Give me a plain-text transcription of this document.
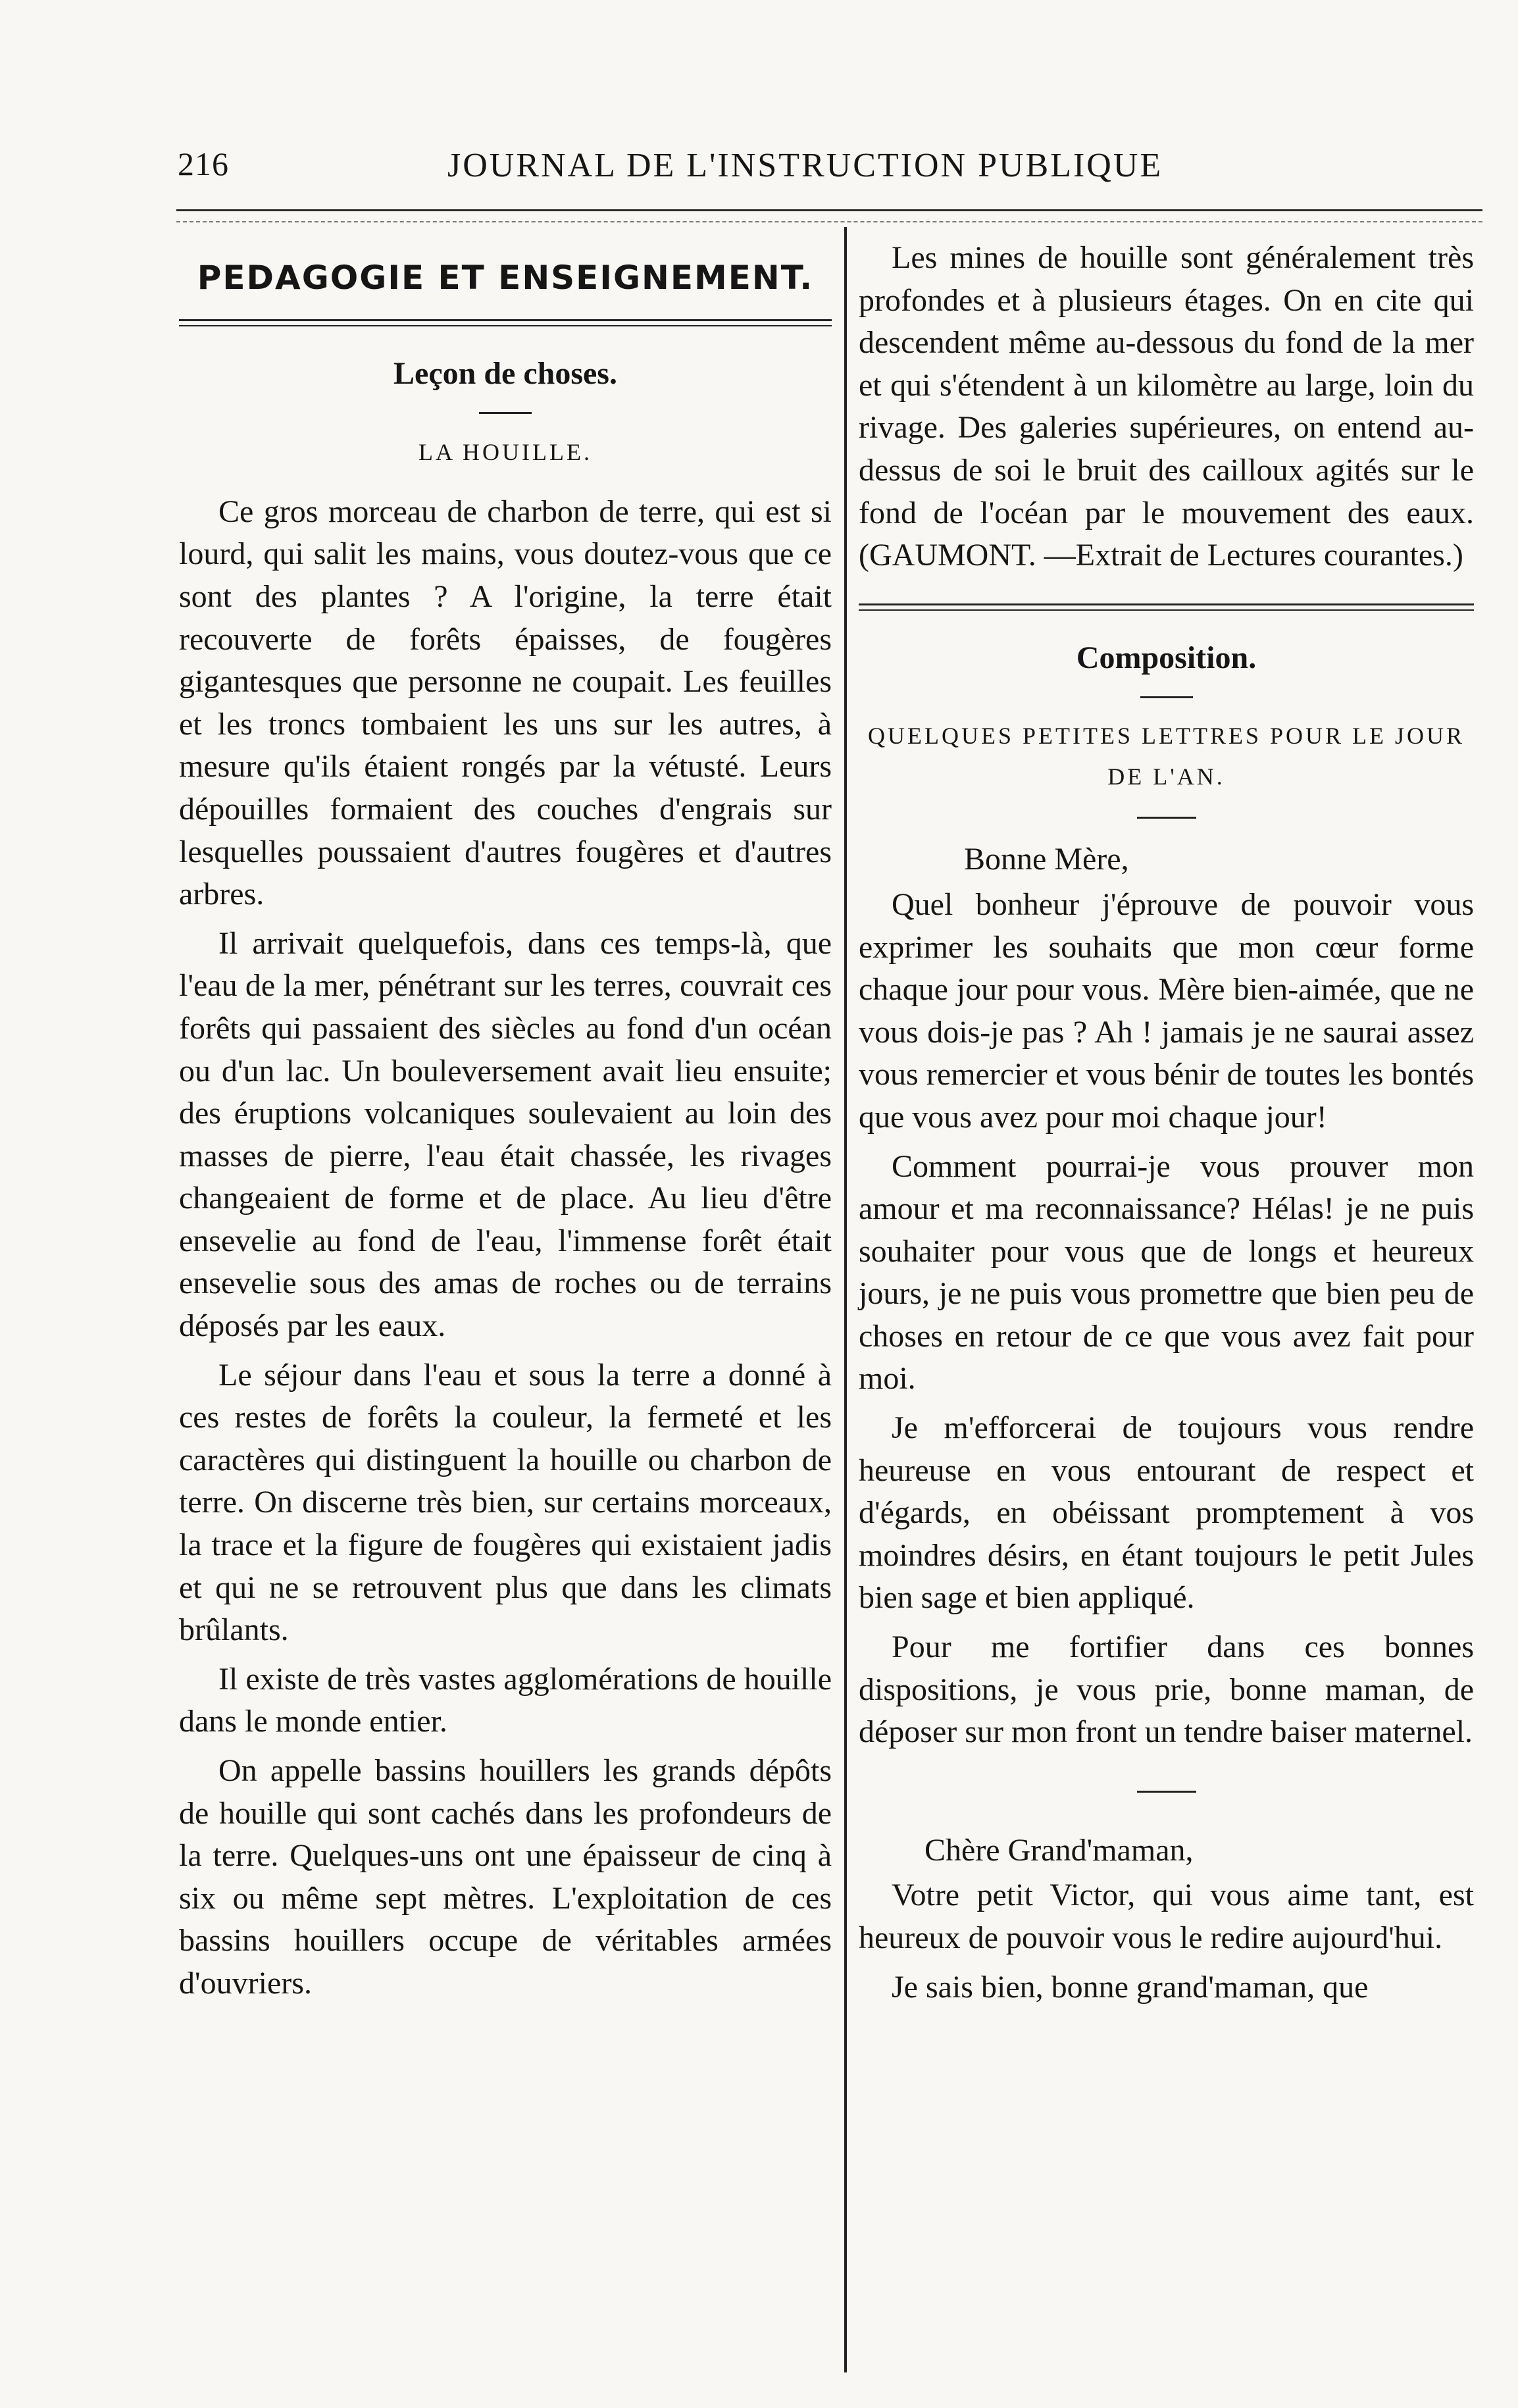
216	JOURNAL DE L'INSTRUCTION PUBLIQUE
PEDAGOGIE ET ENSEIGNEMENT.
Leçon de choses.
LA HOUILLE.

Ce gros morceau de charbon de terre, qui est si lourd, qui salit les mains, vous doutez-vous que ce sont des plantes ? A l'origine, la terre était recouverte de forêts épaisses, de fougères gigantesques que personne ne coupait. Les feuilles et les troncs tombaient les uns sur les autres, à mesure qu'ils étaient rongés par la vétusté. Leurs dépouilles formaient des couches d'engrais sur lesquelles poussaient d'autres fougères et d'autres arbres.

Il arrivait quelquefois, dans ces temps-là, que l'eau de la mer, pénétrant sur les terres, couvrait ces forêts qui passaient des siècles au fond d'un océan ou d'un lac. Un bouleversement avait lieu ensuite; des éruptions volcaniques soulevaient au loin des masses de pierre, l'eau était chassée, les rivages changeaient de forme et de place. Au lieu d'être ensevelie au fond de l'eau, l'immense forêt était ensevelie sous des amas de roches ou de terrains déposés par les eaux.

Le séjour dans l'eau et sous la terre a donné à ces restes de forêts la couleur, la fermeté et les caractères qui distinguent la houille ou charbon de terre. On discerne très bien, sur certains morceaux, la trace et la figure de fougères qui existaient jadis et qui ne se retrouvent plus que dans les climats brûlants.

Il existe de très vastes agglomérations de houille dans le monde entier.

On appelle bassins houillers les grands dépôts de houille qui sont cachés dans les profondeurs de la terre. Quelques-uns ont une épaisseur de cinq à six ou même sept mètres. L'exploitation de ces bassins houillers occupe de véritables armées d'ouvriers.

Les mines de houille sont généralement très profondes et à plusieurs étages. On en cite qui descendent même au-dessous du fond de la mer et qui s'étendent à un kilomètre au large, loin du rivage. Des galeries supérieures, on entend au-dessus de soi le bruit des cailloux agités sur le fond de l'océan par le mouvement des eaux. (GAUMONT. —Extrait de Lectures courantes.)

Composition.
QUELQUES PETITES LETTRES POUR LE JOUR DE L'AN.
Bonne Mère,

Quel bonheur j'éprouve de pouvoir vous exprimer les souhaits que mon cœur forme chaque jour pour vous. Mère bien-aimée, que ne vous dois-je pas ? Ah ! jamais je ne saurai assez vous remercier et vous bénir de toutes les bontés que vous avez pour moi chaque jour!

Comment pourrai-je vous prouver mon amour et ma reconnaissance? Hélas! je ne puis souhaiter pour vous que de longs et heureux jours, je ne puis vous promettre que bien peu de choses en retour de ce que vous avez fait pour moi.

Je m'efforcerai de toujours vous rendre heureuse en vous entourant de respect et d'égards, en obéissant promptement à vos moindres désirs, en étant toujours le petit Jules bien sage et bien appliqué.

Pour me fortifier dans ces bonnes dispositions, je vous prie, bonne maman, de déposer sur mon front un tendre baiser maternel.

Chère Grand'maman,

Votre petit Victor, qui vous aime tant, est heureux de pouvoir vous le redire aujourd'hui.

Je sais bien, bonne grand'maman, que
